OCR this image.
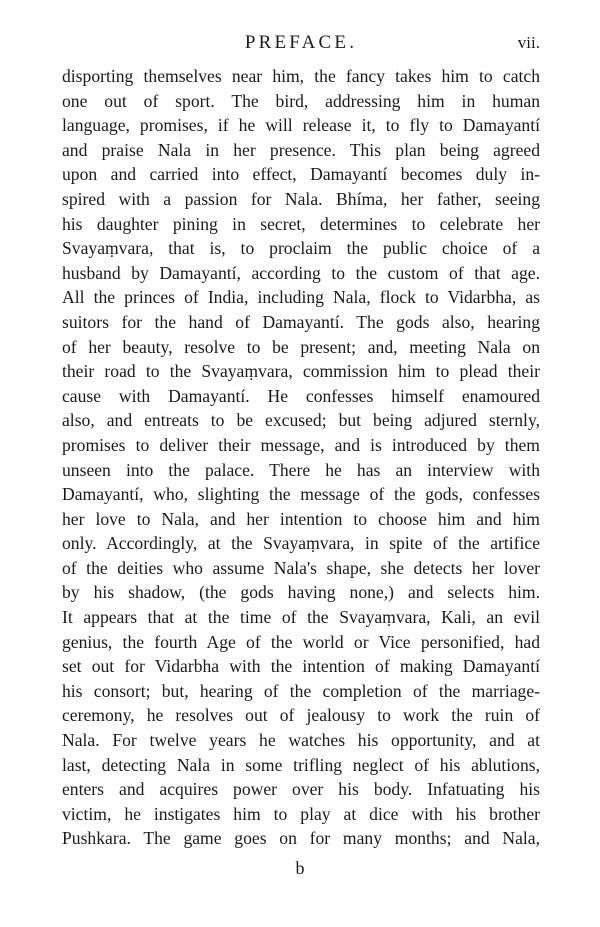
PREFACE.	vii.
disporting themselves near him, the fancy takes him to catch
one out of sport. The bird, addressing him in human
language, promises, if he will release it, to fly to Damayantí
and praise Nala in her presence. This plan being agreed
upon and carried into effect, Damayantí becomes duly in-
spired with a passion for Nala. Bhíma, her father, seeing
his daughter pining in secret, determines to celebrate her
Svayaṃvara, that is, to proclaim the public choice of a
husband by Damayantí, according to the custom of that age.
All the princes of India, including Nala, flock to Vidarbha, as
suitors for the hand of Damayantí. The gods also, hearing
of her beauty, resolve to be present; and, meeting Nala on
their road to the Svayaṃvara, commission him to plead their
cause with Damayantí. He confesses himself enamoured
also, and entreats to be excused; but being adjured sternly,
promises to deliver their message, and is introduced by them
unseen into the palace. There he has an interview with
Damayantí, who, slighting the message of the gods, confesses
her love to Nala, and her intention to choose him and him
only. Accordingly, at the Svayaṃvara, in spite of the artifice
of the deities who assume Nala's shape, she detects her lover
by his shadow, (the gods having none,) and selects him.
It appears that at the time of the Svayaṃvara, Kali, an evil
genius, the fourth Age of the world or Vice personified, had
set out for Vidarbha with the intention of making Damayantí
his consort; but, hearing of the completion of the marriage-
ceremony, he resolves out of jealousy to work the ruin of
Nala. For twelve years he watches his opportunity, and at
last, detecting Nala in some trifling neglect of his ablutions,
enters and acquires power over his body. Infatuating his
victim, he instigates him to play at dice with his brother
Pushkara. The game goes on for many months; and Nala,
b
